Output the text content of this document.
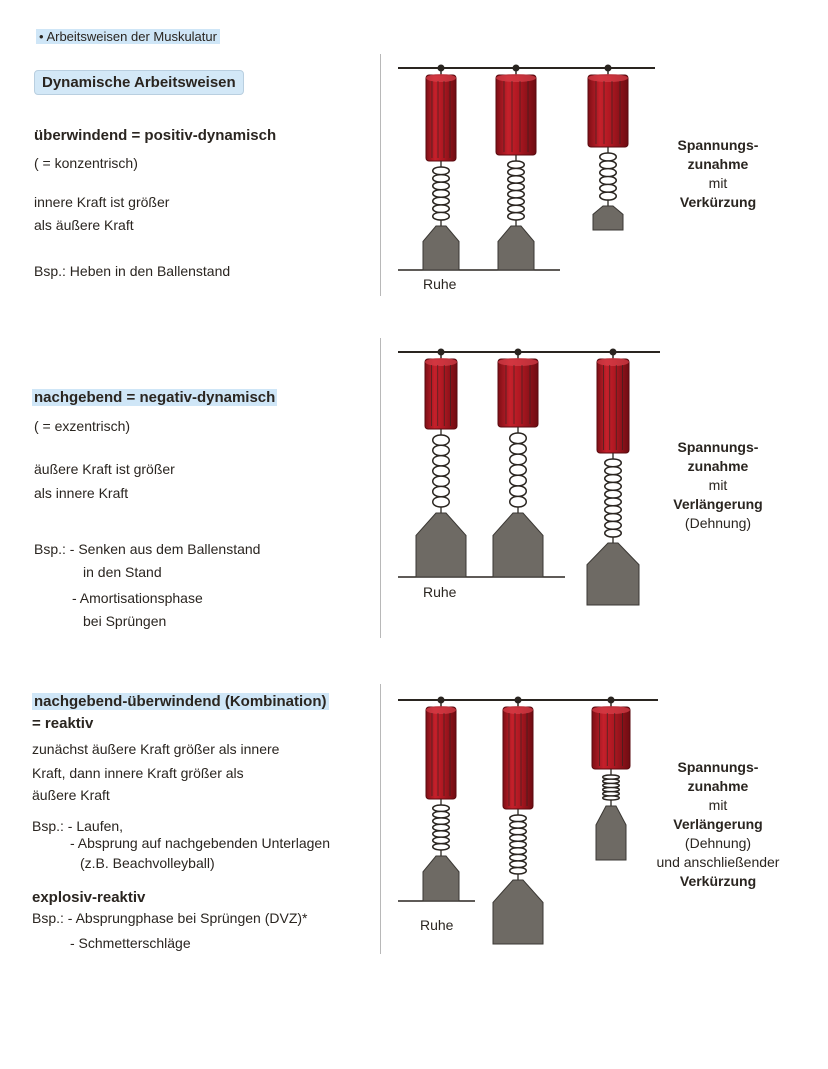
• Arbeitsweisen der Muskulatur
Dynamische Arbeitsweisen
überwindend = positiv-dynamisch
( = konzentrisch)
innere Kraft ist größer
als äußere Kraft
Bsp.: Heben in den Ballenstand
Spannungs-
zunahme
mit
Verkürzung
Ruhe
nachgebend = negativ-dynamisch
( = exzentrisch)
äußere Kraft ist größer
als innere Kraft
Bsp.: - Senken aus dem Ballenstand
in den Stand
- Amortisationsphase
bei Sprüngen
Spannungs-
zunahme
mit
Verlängerung
(Dehnung)
Ruhe
nachgebend-überwindend (Kombination)
= reaktiv
zunächst äußere Kraft größer als innere
Kraft, dann innere Kraft größer als
äußere Kraft
Bsp.: - Laufen,
- Absprung auf nachgebenden Unterlagen
(z.B. Beachvolleyball)
explosiv-reaktiv
Bsp.: - Absprungphase bei Sprüngen (DVZ)*
- Schmetterschläge
Spannungs-
zunahme
mit
Verlängerung
(Dehnung)
und anschließender
Verkürzung
Ruhe
